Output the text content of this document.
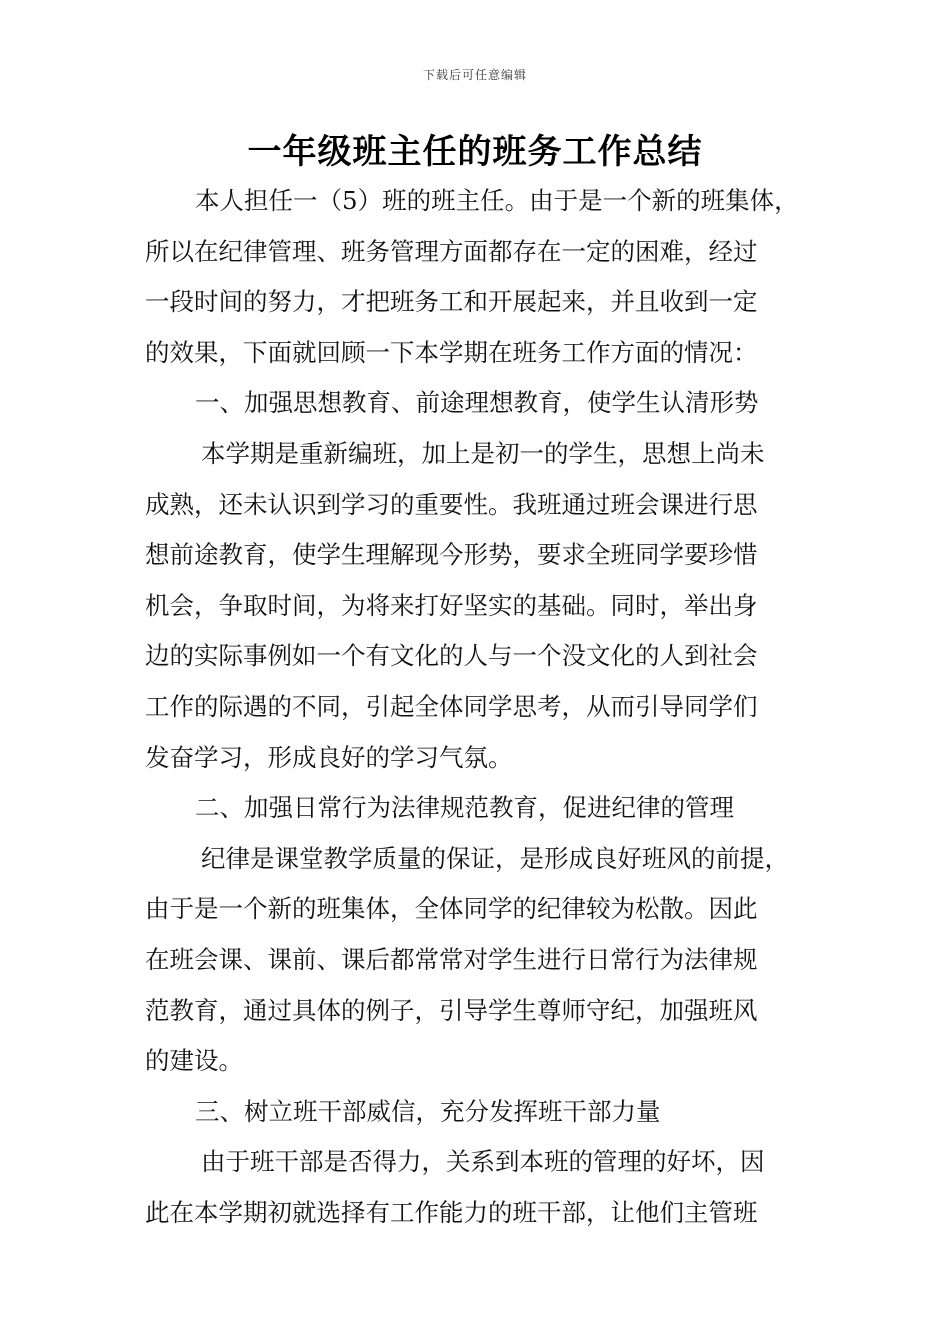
下载后可任意编辑
一年级班主任的班务工作总结
本人担任一（5）班的班主任。由于是一个新的班集体，
所以在纪律管理、班务管理方面都存在一定的困难，经过
一段时间的努力，才把班务工和开展起来，并且收到一定
的效果，下面就回顾一下本学期在班务工作方面的情况：
一、加强思想教育、前途理想教育，使学生认清形势
本学期是重新编班，加上是初一的学生，思想上尚未
成熟，还未认识到学习的重要性。我班通过班会课进行思
想前途教育，使学生理解现今形势，要求全班同学要珍惜
机会，争取时间，为将来打好坚实的基础。同时，举出身
边的实际事例如一个有文化的人与一个没文化的人到社会
工作的际遇的不同，引起全体同学思考，从而引导同学们
发奋学习，形成良好的学习气氛。
二、加强日常行为法律规范教育，促进纪律的管理
纪律是课堂教学质量的保证，是形成良好班风的前提，
由于是一个新的班集体，全体同学的纪律较为松散。因此
在班会课、课前、课后都常常对学生进行日常行为法律规
范教育，通过具体的例子，引导学生尊师守纪，加强班风
的建设。
三、树立班干部威信，充分发挥班干部力量
由于班干部是否得力，关系到本班的管理的好坏，因
此在本学期初就选择有工作能力的班干部，让他们主管班
